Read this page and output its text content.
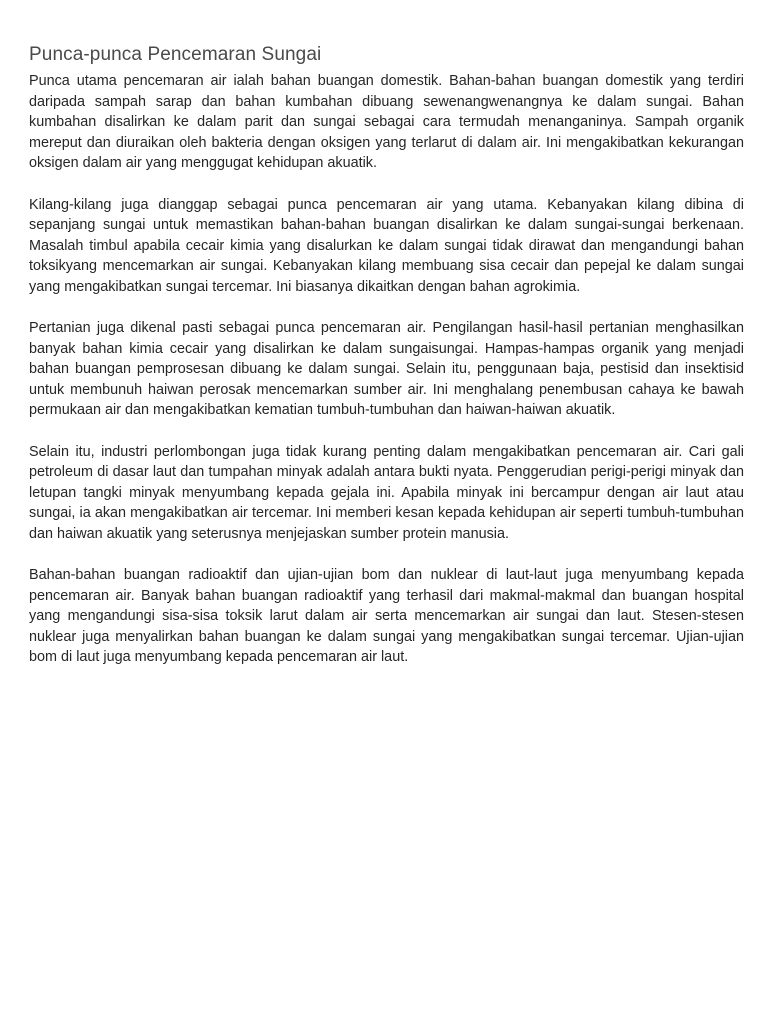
Punca-punca Pencemaran Sungai

Punca utama pencemaran air ialah bahan buangan domestik. Bahan-bahan buangan domestik yang terdiri daripada sampah sarap dan bahan kumbahan dibuang sewenangwenangnya ke dalam sungai. Bahan kumbahan disalirkan ke dalam parit dan sungai sebagai cara termudah menanganinya. Sampah organik mereput dan diuraikan oleh bakteria dengan oksigen yang terlarut di dalam air. Ini mengakibatkan kekurangan oksigen dalam air yang menggugat kehidupan akuatik.

Kilang-kilang juga dianggap sebagai punca pencemaran air yang utama. Kebanyakan kilang dibina di sepanjang sungai untuk memastikan bahan-bahan buangan disalirkan ke dalam sungai-sungai berkenaan. Masalah timbul apabila cecair kimia yang disalurkan ke dalam sungai tidak dirawat dan mengandungi bahan toksikyang mencemarkan air sungai. Kebanyakan kilang membuang sisa cecair dan pepejal ke dalam sungai yang mengakibatkan sungai tercemar. Ini biasanya dikaitkan dengan bahan agrokimia.

Pertanian juga dikenal pasti sebagai punca pencemaran air. Pengilangan hasil-hasil pertanian menghasilkan banyak bahan kimia cecair yang disalirkan ke dalam sungaisungai. Hampas-hampas organik yang menjadi bahan buangan pemprosesan dibuang ke dalam sungai. Selain itu, penggunaan baja, pestisid dan insektisid untuk membunuh haiwan perosak mencemarkan sumber air. Ini menghalang penembusan cahaya ke bawah permukaan air dan mengakibatkan kematian tumbuh-tumbuhan dan haiwan-haiwan akuatik.

Selain itu, industri perlombongan juga tidak kurang penting dalam mengakibatkan pencemaran air. Cari gali petroleum di dasar laut dan tumpahan minyak adalah antara bukti nyata. Penggerudian perigi-perigi minyak dan letupan tangki minyak menyumbang kepada gejala ini. Apabila minyak ini bercampur dengan air laut atau sungai, ia akan mengakibatkan air tercemar. Ini memberi kesan kepada kehidupan air seperti tumbuh-tumbuhan dan haiwan akuatik yang seterusnya menjejaskan sumber protein manusia.

Bahan-bahan buangan radioaktif dan ujian-ujian bom dan nuklear di laut-laut juga menyumbang kepada pencemaran air. Banyak bahan buangan radioaktif yang terhasil dari makmal-makmal dan buangan hospital yang mengandungi sisa-sisa toksik larut dalam air serta mencemarkan air sungai dan laut. Stesen-stesen nuklear juga menyalirkan bahan buangan ke dalam sungai yang mengakibatkan sungai tercemar. Ujian-ujian bom di laut juga menyumbang kepada pencemaran air laut.
